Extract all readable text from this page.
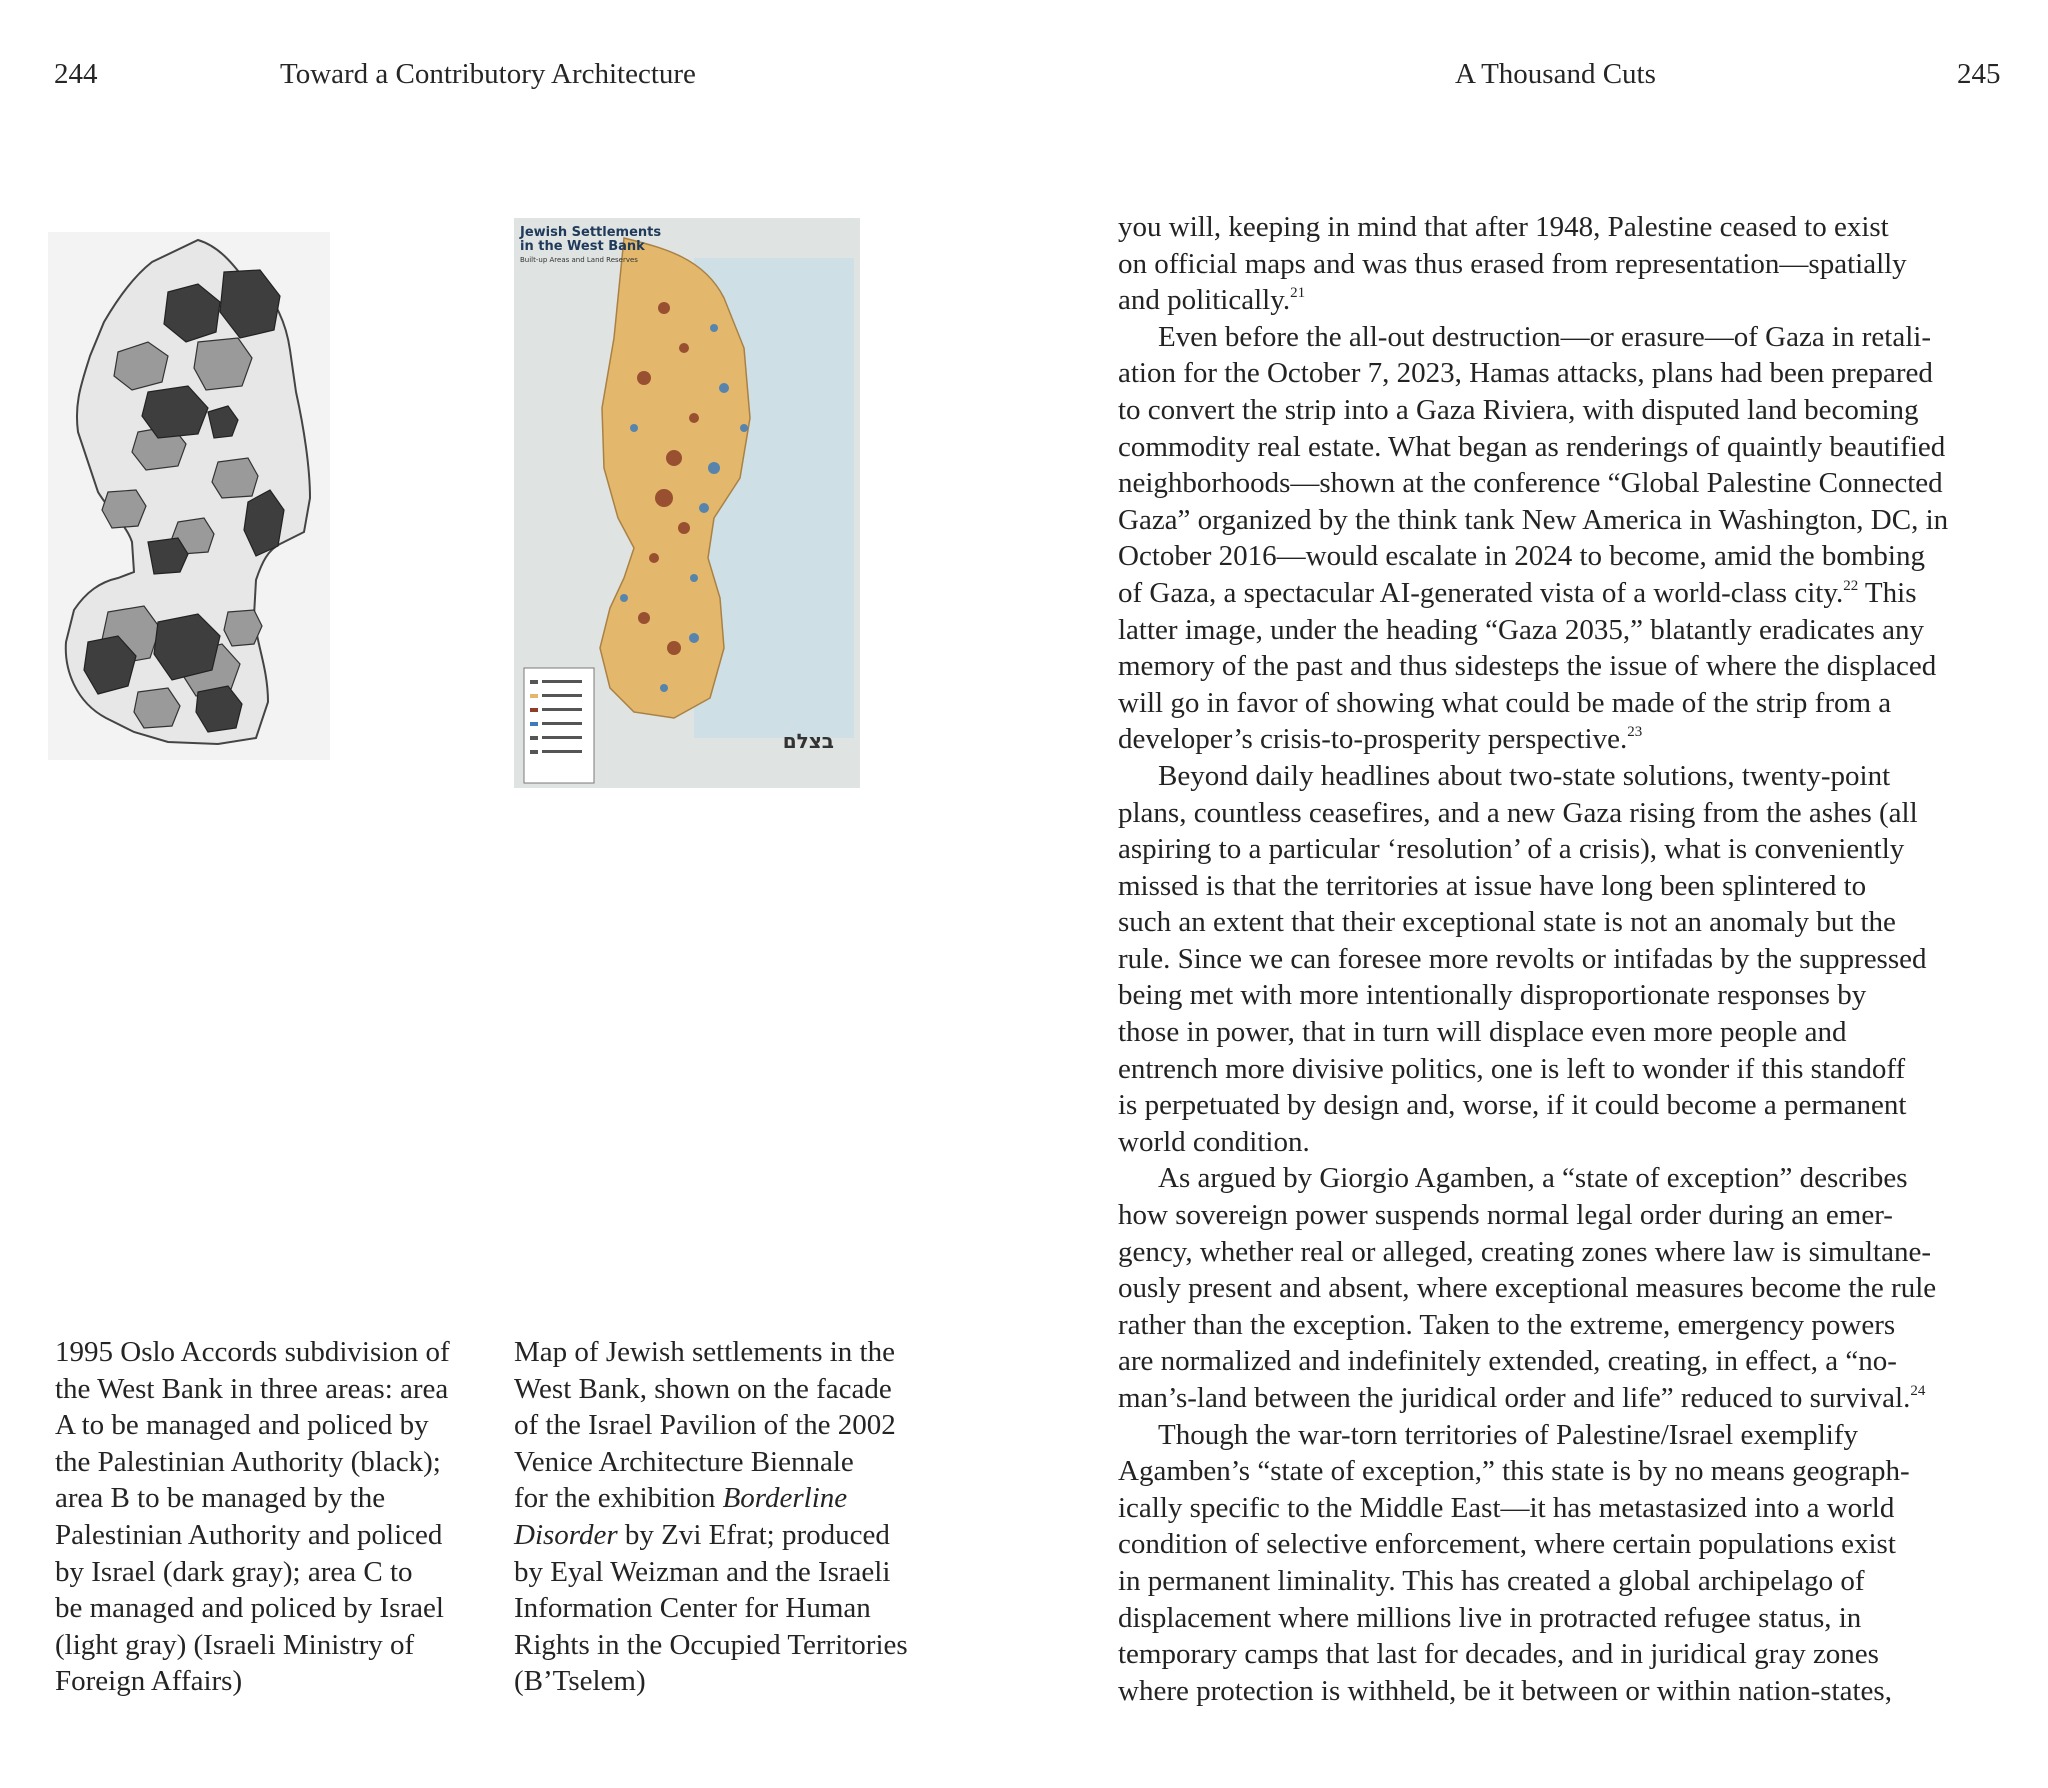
244	Toward a Contributory Architecture	A Thousand Cuts	245
Jewish Settlements
in the West Bank
Built-up Areas and Land Reserves
בצלם
1995 Oslo Accords subdivision of
the West Bank in three areas: area
A to be managed and policed by
the Palestinian Authority (black);
area B to be managed by the
Palestinian Authority and policed
by Israel (dark gray); area C to
be managed and policed by Israel
(light gray) (Israeli Ministry of
Foreign Affairs)
Map of Jewish settlements in the
West Bank, shown on the facade
of the Israel Pavilion of the 2002
Venice Architecture Biennale
for the exhibition Borderline
Disorder by Zvi Efrat; produced
by Eyal Weizman and the Israeli
Information Center for Human
Rights in the Occupied Territories
(B’Tselem)
you will, keeping in mind that after 1948, Palestine ceased to exist
on official maps and was thus erased from representation—spatially
and politically.$^{21}$
Even before the all-out destruction—or erasure—of Gaza in retali-
ation for the October 7, 2023, Hamas attacks, plans had been prepared
to convert the strip into a Gaza Riviera, with disputed land becoming
commodity real estate. What began as renderings of quaintly beautified
neighborhoods—shown at the conference “Global Palestine Connected
Gaza” organized by the think tank New America in Washington, DC, in
October 2016—would escalate in 2024 to become, amid the bombing
of Gaza, a spectacular AI-generated vista of a world-class city.$^{22}$ This
latter image, under the heading “Gaza 2035,” blatantly eradicates any
memory of the past and thus sidesteps the issue of where the displaced
will go in favor of showing what could be made of the strip from a
developer’s crisis-to-prosperity perspective.$^{23}$
Beyond daily headlines about two-state solutions, twenty-point
plans, countless ceasefires, and a new Gaza rising from the ashes (all
aspiring to a particular ‘resolution’ of a crisis), what is conveniently
missed is that the territories at issue have long been splintered to
such an extent that their exceptional state is not an anomaly but the
rule. Since we can foresee more revolts or intifadas by the suppressed
being met with more intentionally disproportionate responses by
those in power, that in turn will displace even more people and
entrench more divisive politics, one is left to wonder if this standoff
is perpetuated by design and, worse, if it could become a permanent
world condition.
As argued by Giorgio Agamben, a “state of exception” describes
how sovereign power suspends normal legal order during an emer-
gency, whether real or alleged, creating zones where law is simultane-
ously present and absent, where exceptional measures become the rule
rather than the exception. Taken to the extreme, emergency powers
are normalized and indefinitely extended, creating, in effect, a “no-
man’s-land between the juridical order and life” reduced to survival.$^{24}$
Though the war-torn territories of Palestine/Israel exemplify
Agamben’s “state of exception,” this state is by no means geograph-
ically specific to the Middle East—it has metastasized into a world
condition of selective enforcement, where certain populations exist
in permanent liminality. This has created a global archipelago of
displacement where millions live in protracted refugee status, in
temporary camps that last for decades, and in juridical gray zones
where protection is withheld, be it between or within nation-states,
